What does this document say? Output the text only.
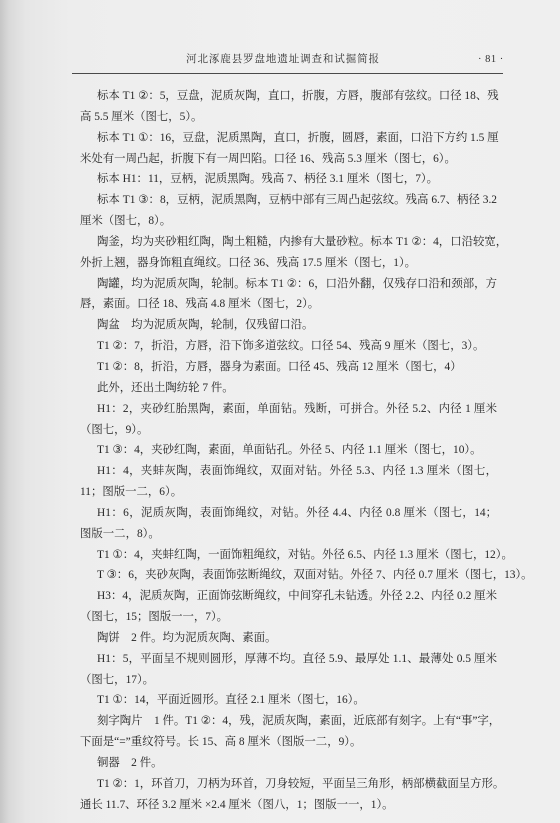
河北涿鹿县罗盘地遗址调查和试掘简报	· 81 ·
标本 T1 ②：5，豆盘，泥质灰陶，直口，折腹，方唇，腹部有弦纹。口径 18、残
高 5.5 厘米（图七，5）。
标本 T1 ①：16，豆盘，泥质黑陶，直口，折腹，圆唇，素面，口沿下方约 1.5 厘
米处有一周凸起，折腹下有一周凹陷。口径 16、残高 5.3 厘米（图七，6）。
标本 H1：11，豆柄，泥质黑陶。残高 7、柄径 3.1 厘米（图七，7）。
标本 T1 ③：8，豆柄，泥质黑陶，豆柄中部有三周凸起弦纹。残高 6.7、柄径 3.2
厘米（图七，8）。
陶釜，均为夹砂粗红陶，陶土粗糙，内掺有大量砂粒。标本 T1 ②：4，口沿较宽，
外折上翘，器身饰粗直绳纹。口径 36、残高 17.5 厘米（图七，1）。
陶罐，均为泥质灰陶，轮制。标本 T1 ②：6，口沿外翻，仅残存口沿和颈部，方
唇，素面。口径 18、残高 4.8 厘米（图七，2）。
陶盆　均为泥质灰陶，轮制，仅残留口沿。
T1 ②：7，折沿，方唇，沿下饰多道弦纹。口径 54、残高 9 厘米（图七，3）。
T1 ②：8，折沿，方唇，器身为素面。口径 45、残高 12 厘米（图七，4）
此外，还出土陶纺轮 7 件。
H1：2，夹砂红胎黑陶，素面，单面钻。残断，可拼合。外径 5.2、内径 1 厘米
（图七，9）。
T1 ③：4，夹砂红陶，素面，单面钻孔。外径 5、内径 1.1 厘米（图七，10）。
H1：4，夹蚌灰陶，表面饰绳纹，双面对钻。外径 5.3、内径 1.3 厘米（图七，
11；图版一二，6）。
H1：6，泥质灰陶，表面饰绳纹，对钻。外径 4.4、内径 0.8 厘米（图七，14；
图版一二，8）。
T1 ①：4，夹蚌红陶，一面饰粗绳纹，对钻。外径 6.5、内径 1.3 厘米（图七，12）。
T ③：6，夹砂灰陶，表面饰弦断绳纹，双面对钻。外径 7、内径 0.7 厘米（图七，13）。
H3：4，泥质灰陶，正面饰弦断绳纹，中间穿孔未钻透。外径 2.2、内径 0.2 厘米
（图七，15；图版一一，7）。
陶饼　2 件。均为泥质灰陶、素面。
H1：5，平面呈不规则圆形，厚薄不均。直径 5.9、最厚处 1.1、最薄处 0.5 厘米
（图七，17）。
T1 ①：14，平面近圆形。直径 2.1 厘米（图七，16）。
刻字陶片　1 件。T1 ②：4，残，泥质灰陶，素面，近底部有刻字。上有“事”字，
下面是“=”重纹符号。长 15、高 8 厘米（图版一二，9）。
铜器　2 件。
T1 ②：1，环首刀，刀柄为环首，刀身较短，平面呈三角形，柄部横截面呈方形。
通长 11.7、环径 3.2 厘米 ×2.4 厘米（图八，1；图版一一，1）。
